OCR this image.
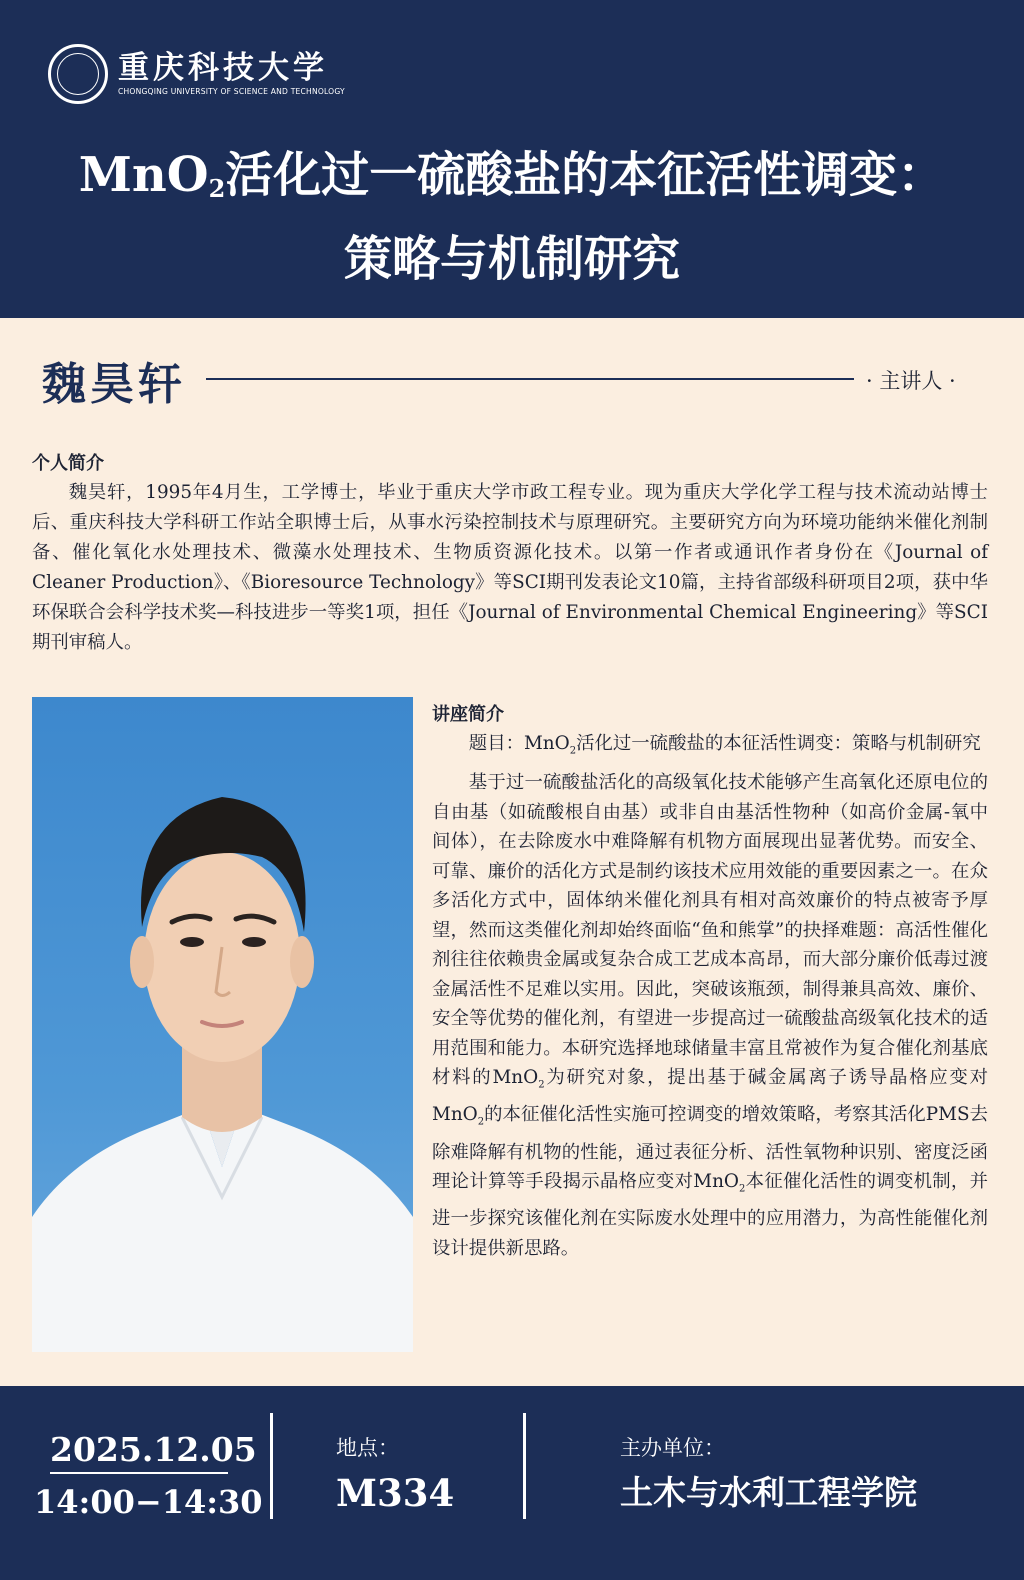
重庆科技大学
CHONGQING UNIVERSITY OF SCIENCE AND TECHNOLOGY
MnO$_2$活化过一硫酸盐的本征活性调变：
策略与机制研究
魏昊轩	· 主讲人 ·
个人简介

魏昊轩，1995年4月生，工学博士，毕业于重庆大学市政工程专业。现为重庆大学化学工程与技术流动站博士后、重庆科技大学科研工作站全职博士后，从事水污染控制技术与原理研究。主要研究方向为环境功能纳米催化剂制备、催化氧化水处理技术、微藻水处理技术、生物质资源化技术。以第一作者或通讯作者身份在《Journal of Cleaner Production》、《Bioresource Technology》等SCI期刊发表论文10篇，主持省部级科研项目2项，获中华环保联合会科学技术奖—科技进步一等奖1项，担任《Journal of Environmental Chemical Engineering》等SCI期刊审稿人。

讲座简介

题目：MnO$_2$活化过一硫酸盐的本征活性调变：策略与机制研究

基于过一硫酸盐活化的高级氧化技术能够产生高氧化还原电位的自由基（如硫酸根自由基）或非自由基活性物种（如高价金属-氧中间体），在去除废水中难降解有机物方面展现出显著优势。而安全、可靠、廉价的活化方式是制约该技术应用效能的重要因素之一。在众多活化方式中，固体纳米催化剂具有相对高效廉价的特点被寄予厚望，然而这类催化剂却始终面临“鱼和熊掌”的抉择难题：高活性催化剂往往依赖贵金属或复杂合成工艺成本高昂，而大部分廉价低毒过渡金属活性不足难以实用。因此，突破该瓶颈，制得兼具高效、廉价、安全等优势的催化剂，有望进一步提高过一硫酸盐高级氧化技术的适用范围和能力。本研究选择地球储量丰富且常被作为复合催化剂基底材料的MnO$_2$为研究对象，提出基于碱金属离子诱导晶格应变对MnO$_2$的本征催化活性实施可控调变的增效策略，考察其活化PMS去除难降解有机物的性能，通过表征分析、活性氧物种识别、密度泛函理论计算等手段揭示晶格应变对MnO$_2$本征催化活性的调变机制，并进一步探究该催化剂在实际废水处理中的应用潜力，为高性能催化剂设计提供新思路。

2025.12.05
14:00−14:30
地点：
M334
主办单位：
土木与水利工程学院
